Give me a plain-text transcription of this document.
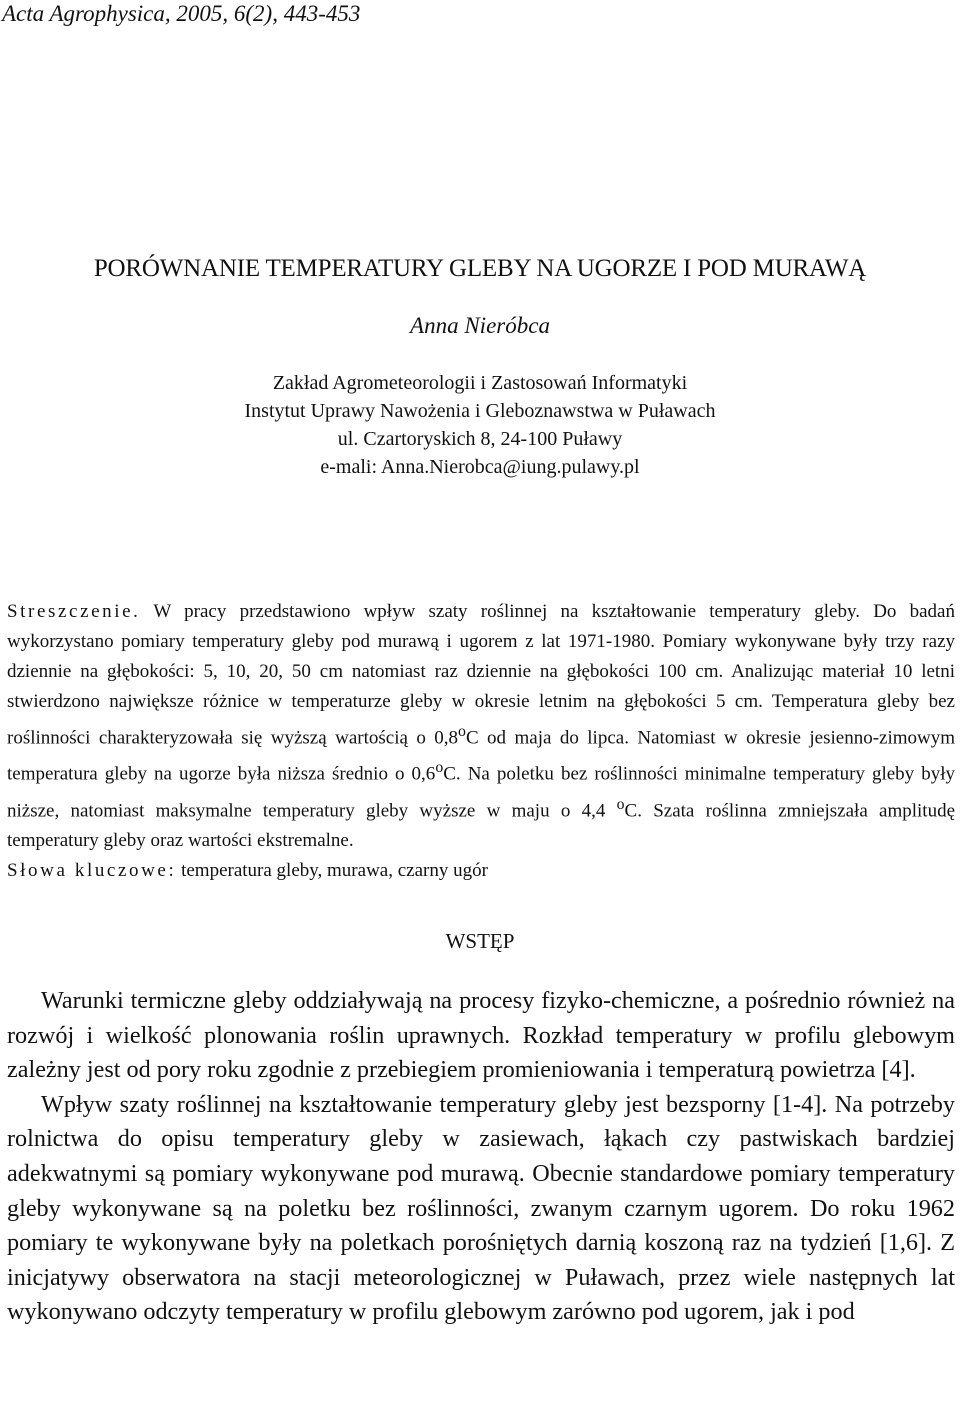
Acta Agrophysica, 2005, 6(2), 443-453
PORÓWNANIE TEMPERATURY GLEBY NA UGORZE I POD MURAWĄ
Anna Nieróbca
Zakład Agrometeorologii i Zastosowań Informatyki
Instytut Uprawy Nawożenia i Gleboznawstwa w Puławach
ul. Czartoryskich 8, 24-100 Puławy
e-mali: Anna.Nierobca@iung.pulawy.pl
Streszczenie. W pracy przedstawiono wpływ szaty roślinnej na kształtowanie temperatury gleby. Do badań wykorzystano pomiary temperatury gleby pod murawą i ugorem z lat 1971-1980. Pomiary wykonywane były trzy razy dziennie na głębokości: 5, 10, 20, 50 cm natomiast raz dziennie na głębokości 100 cm. Analizując materiał 10 letni stwierdzono największe różnice w temperaturze gleby w okresie letnim na głębokości 5 cm. Temperatura gleby bez roślinności charakteryzowała się wyższą wartością o 0,8$^o$C od maja do lipca. Natomiast w okresie jesienno-zimowym temperatura gleby na ugorze była niższa średnio o 0,6$^o$C. Na poletku bez roślinności minimalne temperatury gleby były niższe, natomiast maksymalne temperatury gleby wyższe w maju o 4,4 $^o$C. Szata roślinna zmniejszała amplitudę temperatury gleby oraz wartości ekstremalne.
Słowa kluczowe: temperatura gleby, murawa, czarny ugór
WSTĘP

Warunki termiczne gleby oddziaływają na procesy fizyko-chemiczne, a pośrednio również na rozwój i wielkość plonowania roślin uprawnych. Rozkład temperatury w profilu glebowym zależny jest od pory roku zgodnie z przebiegiem promieniowania i temperaturą powietrza [4].

Wpływ szaty roślinnej na kształtowanie temperatury gleby jest bezsporny [1-4]. Na potrzeby rolnictwa do opisu temperatury gleby w zasiewach, łąkach czy pastwiskach bardziej adekwatnymi są pomiary wykonywane pod murawą. Obecnie standardowe pomiary temperatury gleby wykonywane są na poletku bez roślinności, zwanym czarnym ugorem. Do roku 1962 pomiary te wykonywane były na poletkach porośniętych darnią koszoną raz na tydzień [1,6]. Z inicjatywy obserwatora na stacji meteorologicznej w Puławach, przez wiele następnych lat wykonywano odczyty temperatury w profilu glebowym zarówno pod ugorem, jak i pod
